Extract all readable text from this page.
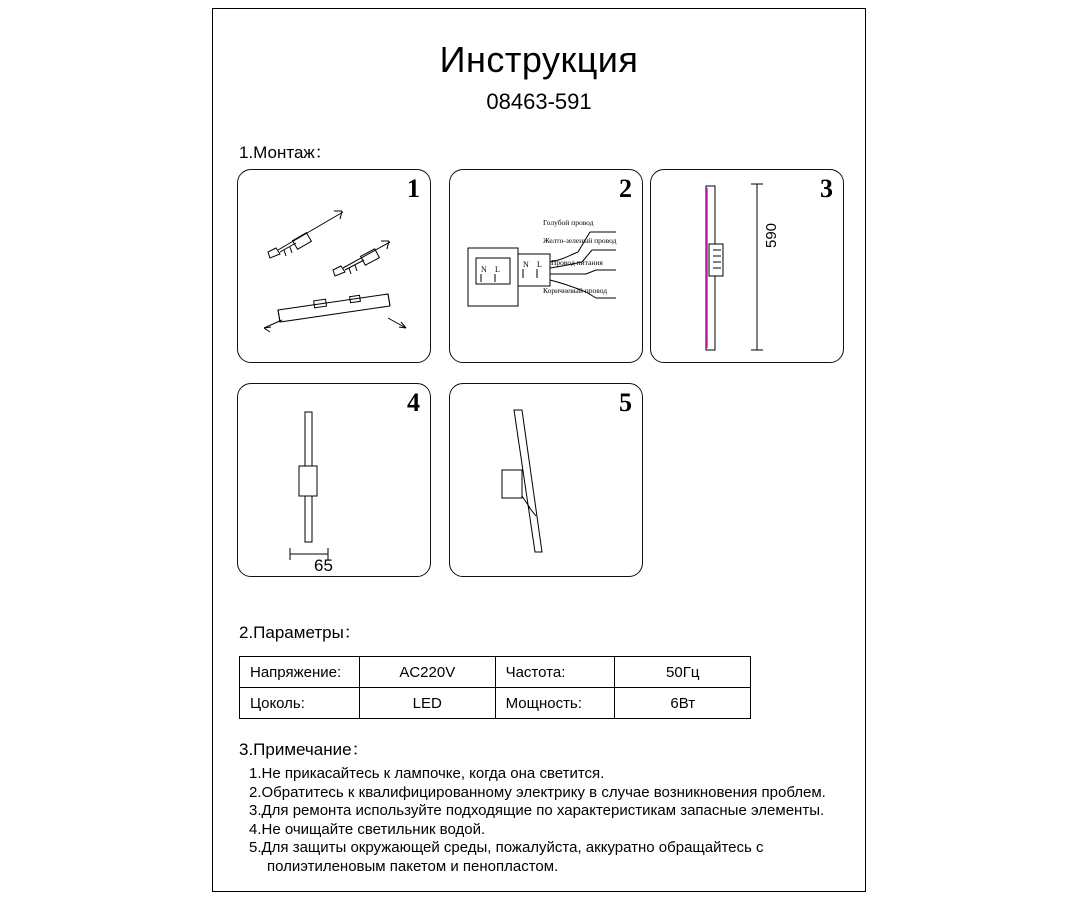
Инструкция
08463-591
1.Монтаж：
1	2
N L
N L
Голубой провод
Желто-зеленый провод
Провод питания
Коричневый провод
3
590
4
65
5
2.Параметры：
Напряжение:	AC220V	Частота:	50Гц
Цоколь:	LED	Мощность:	6Вт
3.Примечание：
1.Не прикасайтесь к лампочке, когда она светится.
2.Обратитесь к квалифицированному электрику в случае возникновения проблем.
3.Для ремонта используйте подходящие по характеристикам запасные элементы.
4.Не очищайте светильник водой.
5.Для защиты окружающей среды, пожалуйста, аккуратно обращайтесь с
полиэтиленовым пакетом и пенопластом.
